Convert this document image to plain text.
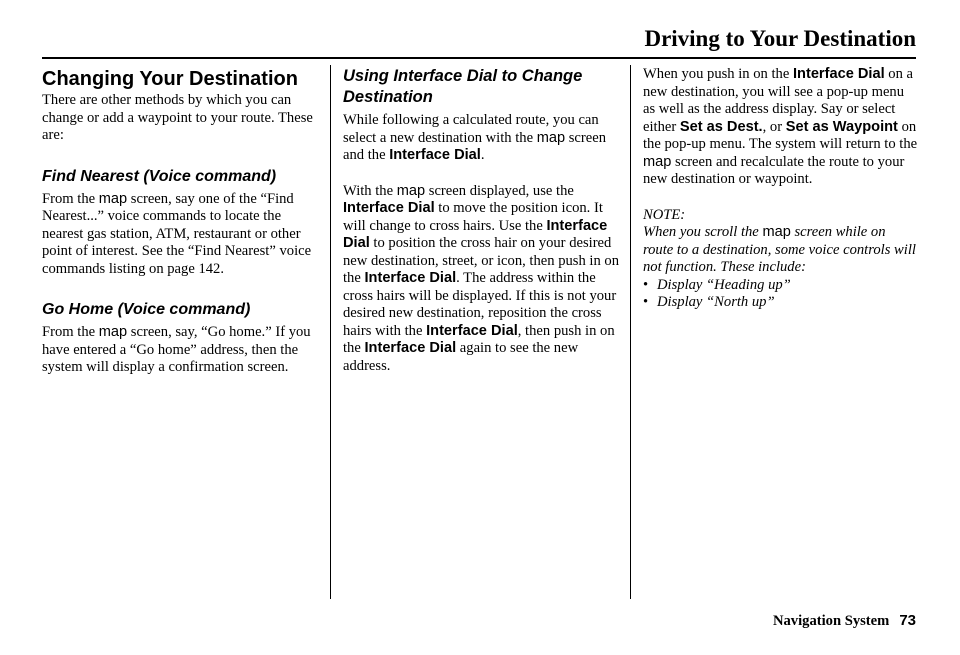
Driving to Your Destination
Changing Your Destination

There are other methods by which you can change or add a waypoint to your route. These are:

Find Nearest (Voice command)

From the map screen, say one of the “Find Nearest...” voice commands to locate the nearest gas station, ATM, restaurant or other point of interest. See the “Find Nearest” voice commands listing on page 142.

Go Home (Voice command)

From the map screen, say, “Go home.” If you have entered a “Go home” address, then the system will display a confirmation screen.

Using Interface Dial to Change Destination

While following a calculated route, you can select a new destination with the map screen and the Interface Dial.

With the map screen displayed, use the Interface Dial to move the position icon. It will change to cross hairs. Use the Interface Dial to position the cross hair on your desired new destination, street, or icon, then push in on the Interface Dial. The address within the cross hairs will be displayed. If this is not your desired new destination, reposition the cross hairs with the Interface Dial, then push in on the Interface Dial again to see the new address.

When you push in on the Interface Dial on a new destination, you will see a pop-up menu as well as the address display. Say or select either Set as Dest., or Set as Waypoint on the pop-up menu. The system will return to the map screen and recalculate the route to your new destination or waypoint.

NOTE:

When you scroll the map screen while on route to a destination, some voice controls will not function. These include:

• Display “Heading up”
• Display “North up”
Navigation System 73
